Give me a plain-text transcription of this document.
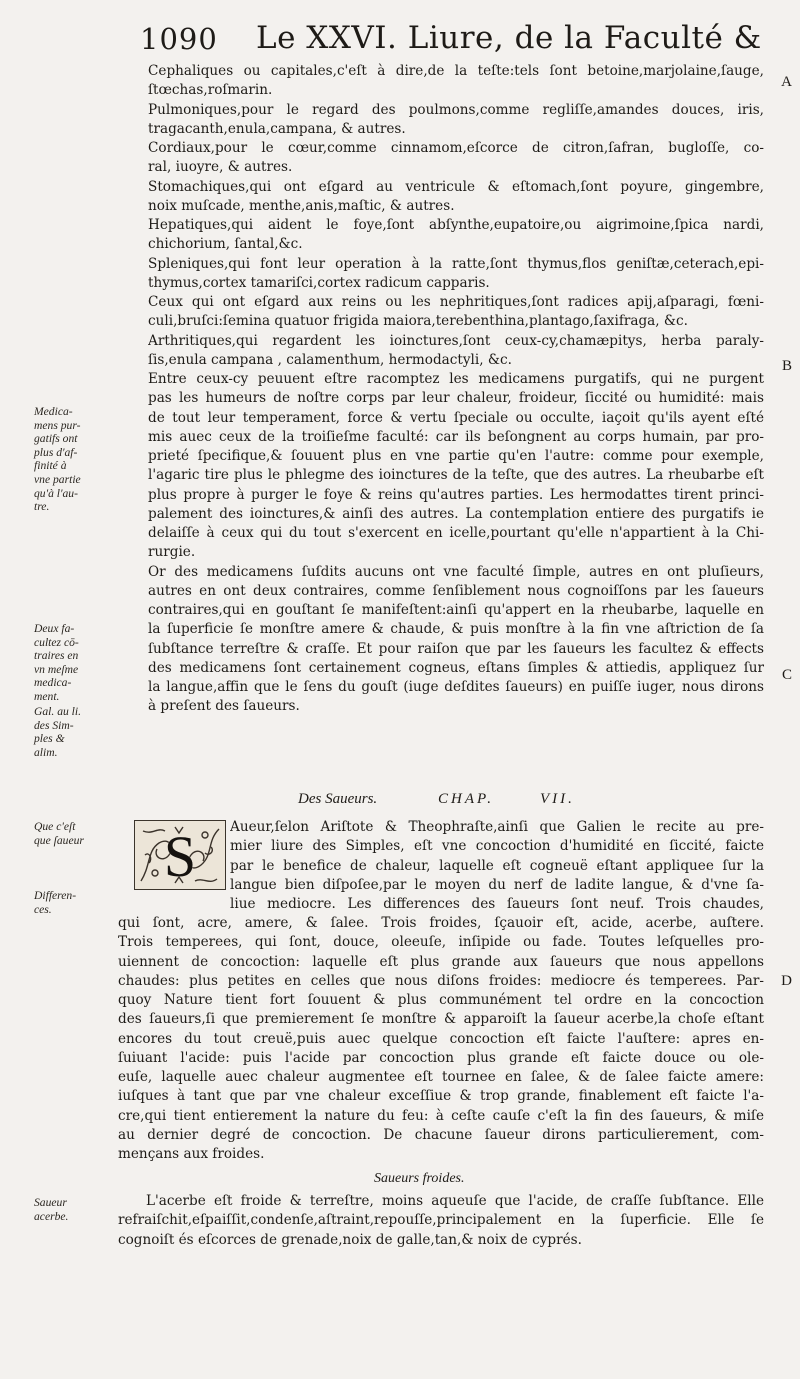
1090 Le XXVI. Liure, de la Faculté &
A
B
C
D
Cephaliques ou capitales,c'eſt à dire,de la teſte:tels ſont betoine,marjolaine,ſauge,
ſtœchas,roſmarin.
Pulmoniques,pour le regard des poulmons,comme regliſſe,amandes douces, iris,
tragacanth,enula,campana, & autres.
Cordiaux,pour le cœur,comme cinnamom,eſcorce de citron,ſafran, bugloſſe, co-
ral, iuoyre, & autres.
Stomachiques,qui ont eſgard au ventricule & eſtomach,ſont poyure, gingembre,
noix muſcade, menthe,anis,maſtic, & autres.
Hepatiques,qui aident le foye,ſont abſynthe,eupatoire,ou aigrimoine,ſpica nardi,
chichorium, ſantal,&c.
Spleniques,qui font leur operation à la ratte,ſont thymus,flos geniſtæ,ceterach,epi-
thymus,cortex tamariſci,cortex radicum capparis.
Ceux qui ont eſgard aux reins ou les nephritiques,ſont radices apij,aſparagi, fœni-
culi,bruſci:ſemina quatuor frigida maiora,terebenthina,plantago,ſaxifraga, &c.
Arthritiques,qui regardent les ioinctures,ſont ceux-cy,chamæpitys, herba paraly-
ſis,enula campana , calamenthum, hermodactyli, &c.
Entre ceux-cy peuuent eſtre racomptez les medicamens purgatifs, qui ne purgent
pas les humeurs de noſtre corps par leur chaleur, froideur, ſiccité ou humidité: mais
de tout leur temperament, force & vertu ſpeciale ou occulte, iaçoit qu'ils ayent eſté
mis auec ceux de la troiſieſme faculté: car ils beſongnent au corps humain, par pro-
prieté ſpecifique,& ſouuent plus en vne partie qu'en l'autre: comme pour exemple,
l'agaric tire plus le phlegme des ioinctures de la teſte, que des autres. La rheubarbe eſt
plus propre à purger le foye & reins qu'autres parties. Les hermodattes tirent princi-
palement des ioinctures,& ainſi des autres. La contemplation entiere des purgatifs ie
delaiſſe à ceux qui du tout s'exercent en icelle,pourtant qu'elle n'appartient à la Chi-
rurgie.
Or des medicamens ſuſdits aucuns ont vne faculté ſimple, autres en ont pluſieurs,
autres en ont deux contraires, comme ſenſiblement nous cognoiſſons par les ſaueurs
contraires,qui en gouſtant ſe manifeſtent:ainſi qu'appert en la rheubarbe, laquelle en
la ſuperficie ſe monſtre amere & chaude, & puis monſtre à la fin vne aſtriction de ſa
ſubſtance terreſtre & craſſe. Et pour raiſon que par les ſaueurs les facultez & effects
des medicamens ſont certainement cogneus, eſtans ſimples & attiedis, appliquez ſur
la langue,affin que le ſens du gouſt (iuge deſdites ſaueurs) en puiſſe iuger, nous dirons
à preſent des ſaueurs.
Des Saueurs.	CHAP.	VII.
S	Aueur,ſelon Ariſtote & Theophraſte,ainſi que Galien le recite au pre-
mier liure des Simples, eſt vne concoction d'humidité en ſiccité, faicte
par le benefice de chaleur, laquelle eſt cogneuë eſtant appliquee ſur la
langue bien diſpoſee,par le moyen du nerf de ladite langue, & d'vne ſa-
liue mediocre. Les differences des ſaueurs ſont neuf. Trois chaudes,
qui ſont, acre, amere, & ſalee. Trois froides, ſçauoir eſt, acide, acerbe, auſtere.
Trois temperees, qui ſont, douce, oleeuſe, inſipide ou fade. Toutes leſquelles pro-
uiennent de concoction: laquelle eſt plus grande aux ſaueurs que nous appellons
chaudes: plus petites en celles que nous diſons froides: mediocre és temperees. Par-
quoy Nature tient fort ſouuent & plus communément tel ordre en la concoction
des ſaueurs,ſi que premierement ſe monſtre & apparoiſt la ſaueur acerbe,la choſe eſtant
encores du tout creuë,puis auec quelque concoction eſt faicte l'auſtere: apres en-
ſuiuant l'acide: puis l'acide par concoction plus grande eſt faicte douce ou ole-
euſe, laquelle auec chaleur augmentee eſt tournee en ſalee, & de ſalee faicte amere:
iuſques à tant que par vne chaleur exceſſiue & trop grande, finablement eſt faicte l'a-
cre,qui tient entierement la nature du feu: à ceſte cauſe c'eſt la fin des ſaueurs, & miſe
au dernier degré de concoction. De chacune ſaueur dirons particulierement, com-
mençans aux froides.
Saueurs froides.
L'acerbe eſt froide & terreſtre, moins aqueuſe que l'acide, de craſſe ſubſtance. Elle
refraiſchit,eſpaiſſit,condenſe,aſtraint,repouſſe,principalement en la ſuperficie. Elle ſe
cognoiſt és eſcorces de grenade,noix de galle,tan,& noix de cyprés.
Medica-
mens pur-
gatifs ont
plus d'af-
finité à
vne partie
qu'à l'au-
tre.
Deux fa-
cultez cō-
traires en
vn meſme
medica-
ment.
Gal. au li.
des Sim-
ples &
alim.
Que c'eſt
que ſaueur
Differen-
ces.
Saueur
acerbe.
